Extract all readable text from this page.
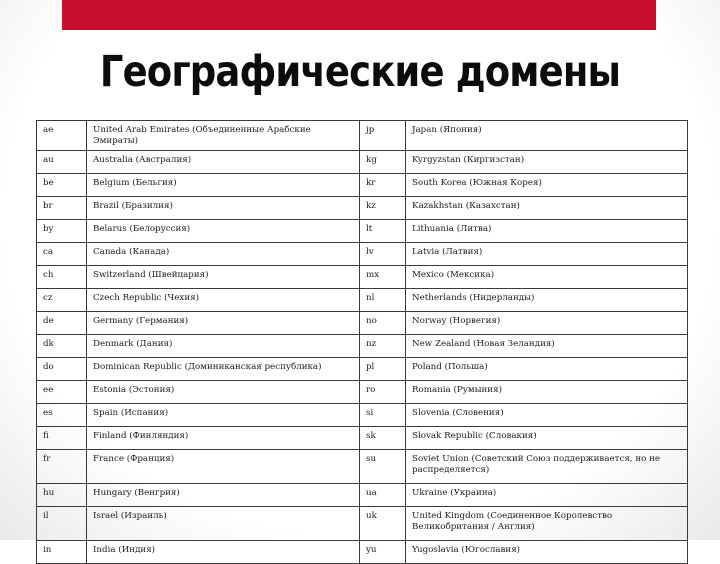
Географические домены
ae	United Arab Emirates (Объединенные Арабские Эмираты)	jp	Japan (Япония)
au	Australia (Австралия)	kg	Kyrgyzstan (Киргизстан)
be	Belgium (Бельгия)	kr	South Korea (Южная Корея)
br	Brazil (Бразилия)	kz	Kazakhstan (Казахстан)
by	Belarus (Белоруссия)	lt	Lithuania (Литва)
ca	Canada (Канада)	lv	Latvia (Латвия)
ch	Switzerland (Швейцария)	mx	Mexico (Мексика)
cz	Czech Republic (Чехия)	nl	Netherlands (Нидерланды)
de	Germany (Германия)	no	Norway (Норвегия)
dk	Denmark (Дания)	nz	New Zealand (Новая Зеландия)
do	Dominican Republic (Доминиканская республика)	pl	Poland (Польша)
ee	Estonia (Эстония)	ro	Romania (Румыния)
es	Spain (Испания)	si	Slovenia (Словения)
fi	Finland (Финляндия)	sk	Slovak Republic (Словакия)
fr	France (Франция)	su	Soviet Union (Советский Союз поддерживается, но не распределяется)
hu	Hungary (Венгрия)	ua	Ukraine (Украина)
il	Israel (Израиль)	uk	United Kingdom (Соединенное Королевство Великобритания / Англия)
in	India (Индия)	yu	Yugoslavia (Югославия)
